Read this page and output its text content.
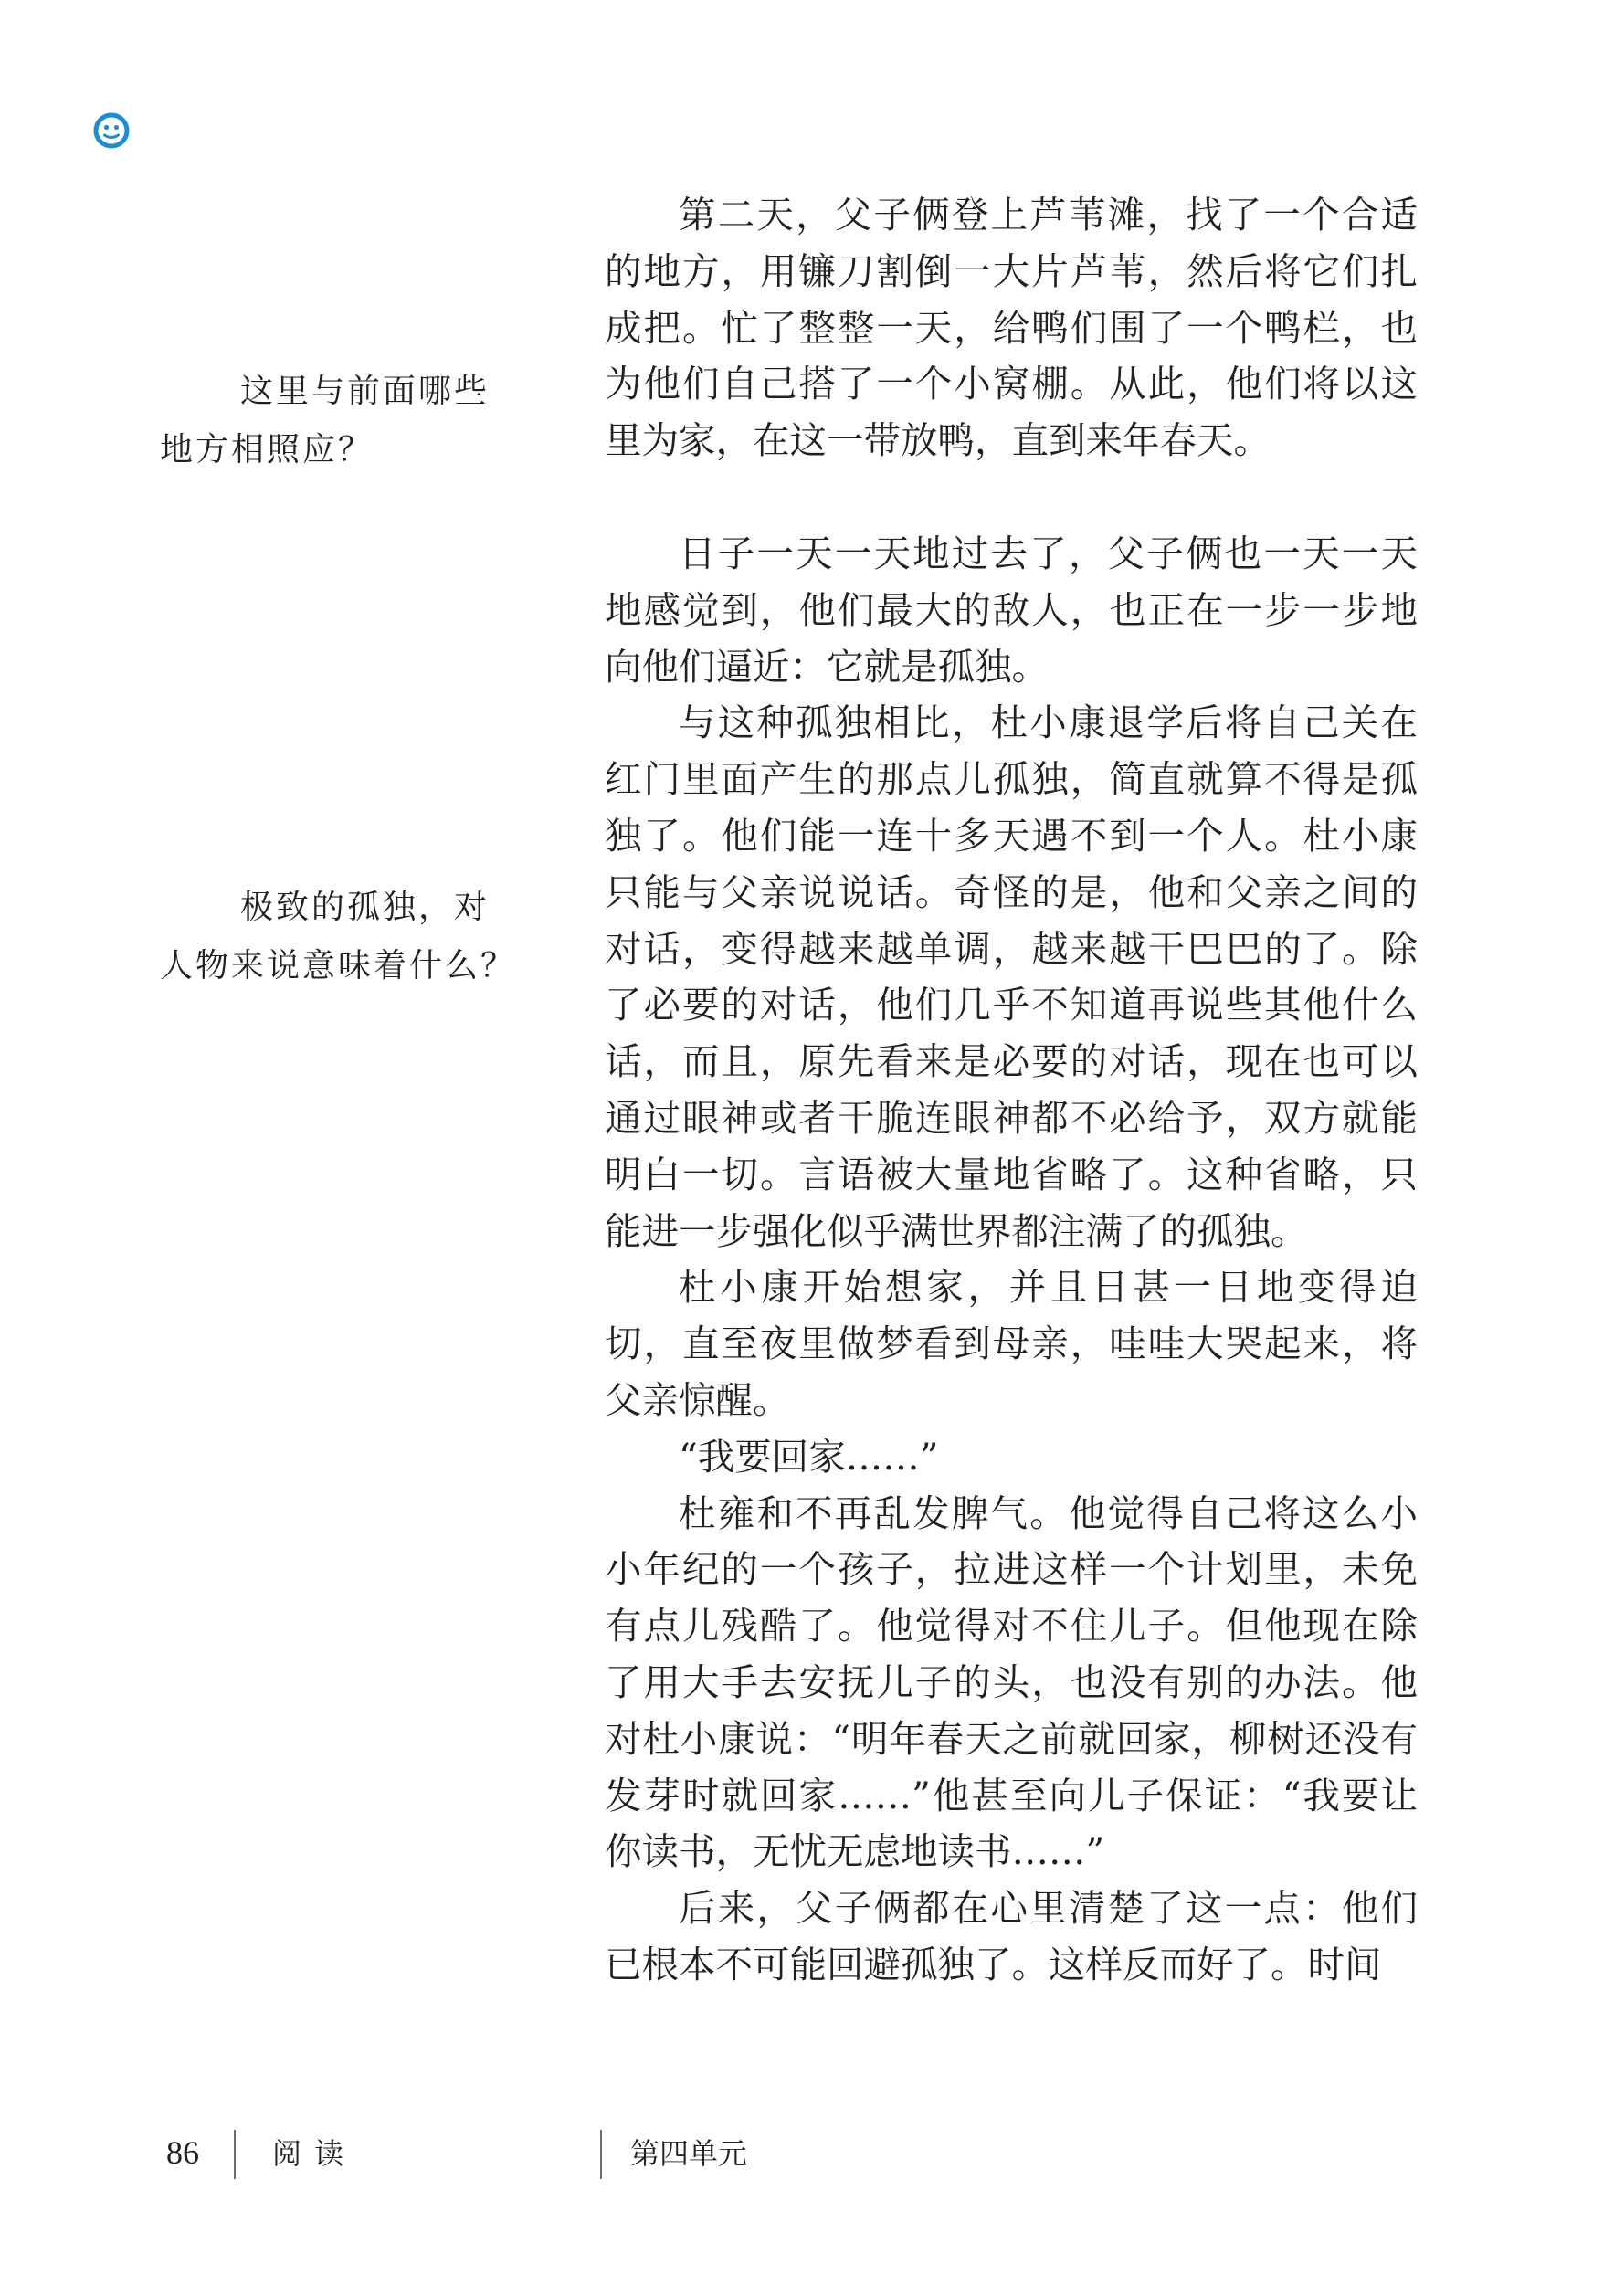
这里与前面哪些
地方相照应？
极致的孤独，对
人物来说意味着什么？

第二天，父子俩登上芦苇滩，找了一个合适的地方，用镰刀割倒一大片芦苇，然后将它们扎成把。忙了整整一天，给鸭们围了一个鸭栏，也为他们自己搭了一个小窝棚。从此，他们将以这里为家，在这一带放鸭，直到来年春天。

日子一天一天地过去了，父子俩也一天一天地感觉到，他们最大的敌人，也正在一步一步地向他们逼近：它就是孤独。

与这种孤独相比，杜小康退学后将自己关在红门里面产生的那点儿孤独，简直就算不得是孤独了。他们能一连十多天遇不到一个人。杜小康只能与父亲说说话。奇怪的是，他和父亲之间的对话，变得越来越单调，越来越干巴巴的了。除了必要的对话，他们几乎不知道再说些其他什么话，而且，原先看来是必要的对话，现在也可以通过眼神或者干脆连眼神都不必给予，双方就能明白一切。言语被大量地省略了。这种省略，只能进一步强化似乎满世界都注满了的孤独。

杜小康开始想家，并且日甚一日地变得迫切，直至夜里做梦看到母亲，哇哇大哭起来，将父亲惊醒。

“我要回家……”

杜雍和不再乱发脾气。他觉得自己将这么小小年纪的一个孩子，拉进这样一个计划里，未免有点儿残酷了。他觉得对不住儿子。但他现在除了用大手去安抚儿子的头，也没有别的办法。他对杜小康说：“明年春天之前就回家，柳树还没有发芽时就回家……”他甚至向儿子保证：“我要让你读书，无忧无虑地读书……”

后来，父子俩都在心里清楚了这一点：他们已根本不可能回避孤独了。这样反而好了。时间

86	阅读	第四单元
